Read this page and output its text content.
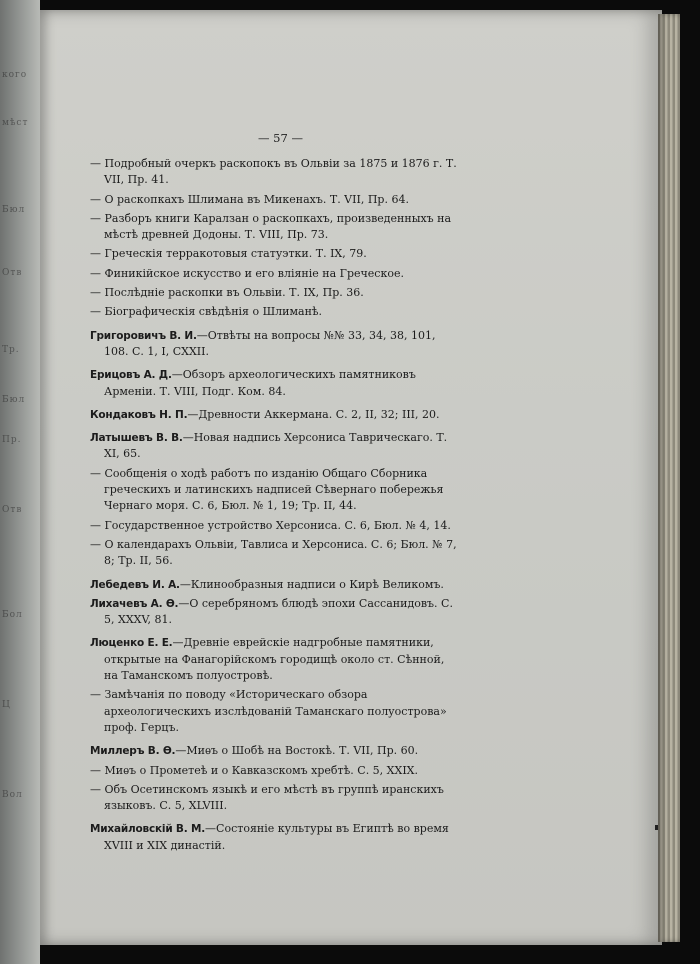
кого
мѣст
Бюл
Отв
Тр.
Бюл
Пр.
Отв
Бол
Ц
Вол
— 57 —

— Подробный очеркъ раскопокъ въ Ольвіи за 1875 и 1876 г. Т. VII, Пр. 41.

— О раскопкахъ Шлимана въ Микенахъ. Т. VII, Пр. 64.

— Разборъ книги Каралзан о раскопкахъ, произведенныхъ на мѣстѣ древней Додоны. Т. VIII, Пр. 73.

— Греческія терракотовыя статуэтки. Т. IX, 79.

— Финикійское искусство и его вліяніе на Греческое.

— Послѣдніе раскопки въ Ольвіи. Т. IX, Пр. 36.

— Біографическія свѣдѣнія о Шлиманѣ.

Григоровичъ В. И.—Отвѣты на вопросы №№ 33, 34, 38, 101, 108. С. 1, I, CXXII.

Ерицовъ А. Д.—Обзоръ археологическихъ памятниковъ Арменіи. Т. VIII, Подг. Ком. 84.

Кондаковъ Н. П.—Древности Аккермана. С. 2, II, 32; III, 20.

Латышевъ В. В.—Новая надпись Херсониса Таврическаго. Т. XI, 65.

— Сообщенія о ходѣ работъ по изданію Общаго Сборника греческихъ и латинскихъ надписей Сѣвернаго побережья Чернаго моря. С. 6, Бюл. № 1, 19; Тр. II, 44.

— Государственное устройство Херсониса. С. 6, Бюл. № 4, 14.

— О календарахъ Ольвіи, Тавлиса и Херсониса. С. 6; Бюл. № 7, 8; Тр. II, 56.

Лебедевъ И. А.—Клинообразныя надписи о Кирѣ Великомъ.

Лихачевъ А. Ө.—О серебряномъ блюдѣ эпохи Сассанидовъ. С. 5, XXXV, 81.

Люценко Е. Е.—Древніе еврейскіе надгробные памятники, открытые на Фанагорійскомъ городищѣ около ст. Сѣнной, на Таманскомъ полуостровѣ.

— Замѣчанія по поводу «Историческаго обзора археологическихъ изслѣдованій Таманскаго полуострова» проф. Герцъ.

Миллеръ В. Ө.—Миѳъ о Шобѣ на Востокѣ. Т. VII, Пр. 60.

— Миѳъ о Прометеѣ и о Кавказскомъ хребтѣ. С. 5, XXIX.

— Объ Осетинскомъ языкѣ и его мѣстѣ въ группѣ иранскихъ языковъ. С. 5, XLVIII.

Михайловскій В. М.—Состояніе культуры въ Египтѣ во время XVIII и XIX династій.
